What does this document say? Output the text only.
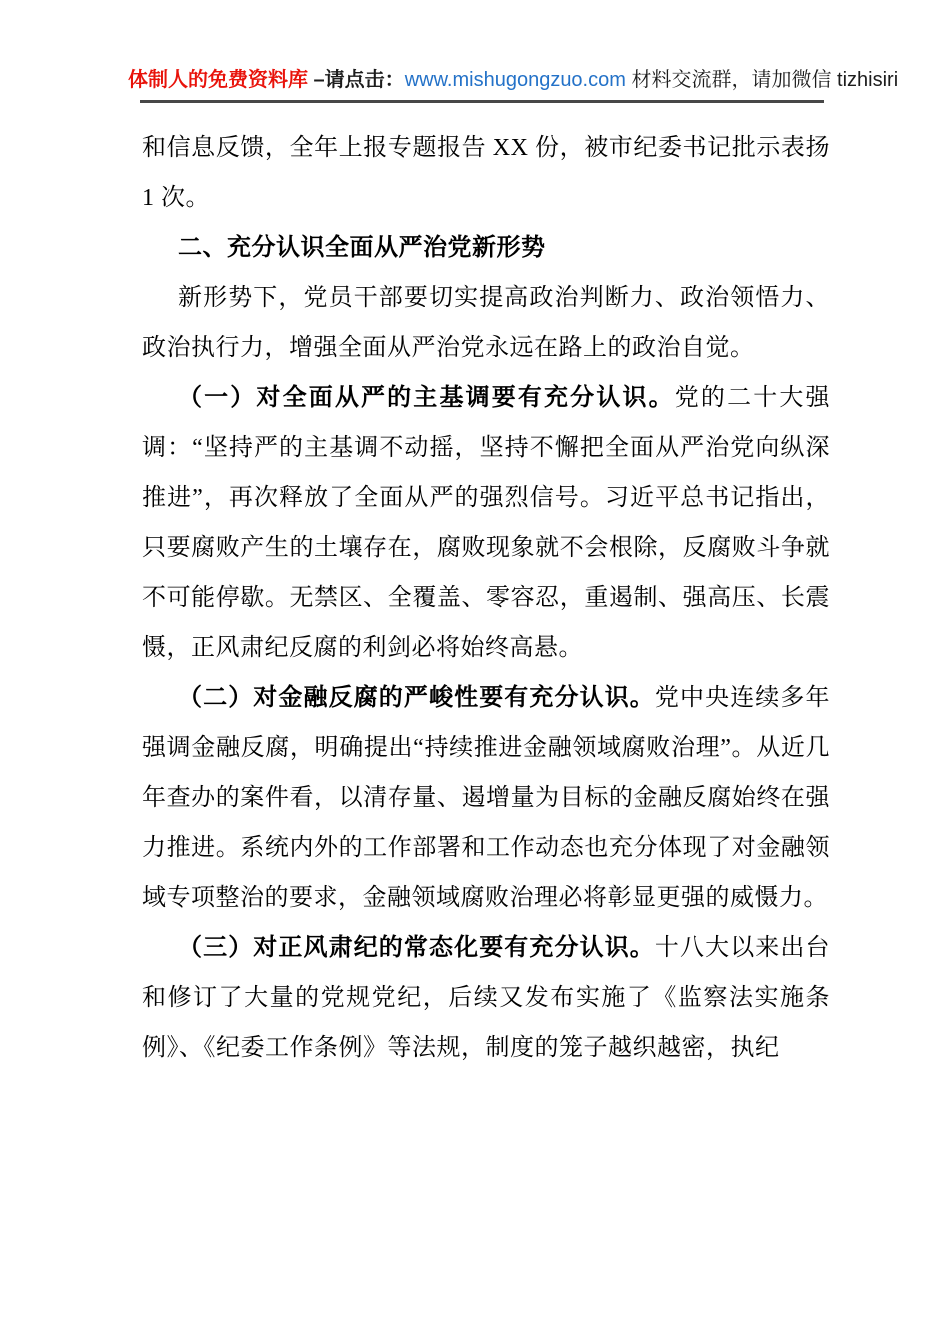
体制人的免费资料库 –请点击：www.mishugongzuo.com 材料交流群，请加微信 tizhisiri

和信息反馈，全年上报专题报告 XX 份，被市纪委书记批示表扬 1 次。

二、充分认识全面从严治党新形势

新形势下，党员干部要切实提高政治判断力、政治领悟力、政治执行力，增强全面从严治党永远在路上的政治自觉。

（一）对全面从严的主基调要有充分认识。党的二十大强调：“坚持严的主基调不动摇，坚持不懈把全面从严治党向纵深推进”，再次释放了全面从严的强烈信号。习近平总书记指出，只要腐败产生的土壤存在，腐败现象就不会根除，反腐败斗争就不可能停歇。无禁区、全覆盖、零容忍，重遏制、强高压、长震慑，正风肃纪反腐的利剑必将始终高悬。

（二）对金融反腐的严峻性要有充分认识。党中央连续多年强调金融反腐，明确提出“持续推进金融领域腐败治理”。从近几年查办的案件看，以清存量、遏增量为目标的金融反腐始终在强力推进。系统内外的工作部署和工作动态也充分体现了对金融领域专项整治的要求，金融领域腐败治理必将彰显更强的威慑力。

（三）对正风肃纪的常态化要有充分认识。十八大以来出台和修订了大量的党规党纪，后续又发布实施了《监察法实施条例》、《纪委工作条例》等法规，制度的笼子越织越密，执纪
